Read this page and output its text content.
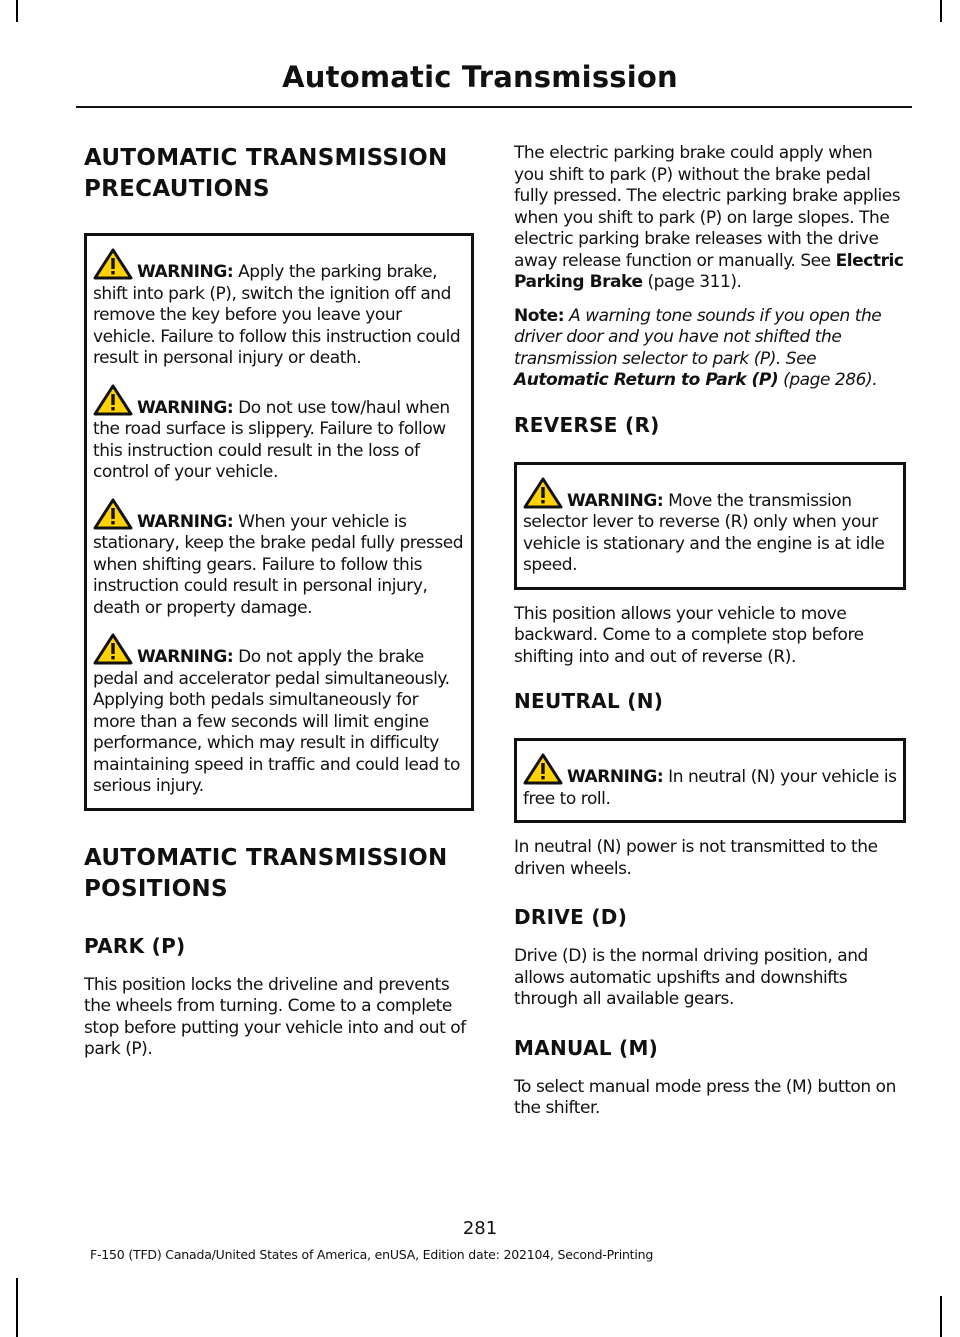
Automatic Transmission
AUTOMATIC TRANSMISSION PRECAUTIONS
WARNING: Apply the parking brake, shift into park (P), switch the ignition off and remove the key before you leave your vehicle. Failure to follow this instruction could result in personal injury or death.
WARNING: Do not use tow/haul when the road surface is slippery. Failure to follow this instruction could result in the loss of control of your vehicle.
WARNING: When your vehicle is stationary, keep the brake pedal fully pressed when shifting gears. Failure to follow this instruction could result in personal injury, death or property damage.
WARNING: Do not apply the brake pedal and accelerator pedal simultaneously. Applying both pedals simultaneously for more than a few seconds will limit engine performance, which may result in difficulty maintaining speed in traffic and could lead to serious injury.
AUTOMATIC TRANSMISSION POSITIONS
PARK (P)

This position locks the driveline and prevents the wheels from turning. Come to a complete stop before putting your vehicle into and out of park (P).

The electric parking brake could apply when you shift to park (P) without the brake pedal fully pressed. The electric parking brake applies when you shift to park (P) on large slopes. The electric parking brake releases with the drive away release function or manually. See Electric Parking Brake (page 311).

Note: A warning tone sounds if you open the driver door and you have not shifted the transmission selector to park (P). See Automatic Return to Park (P) (page 286).

REVERSE (R)
WARNING: Move the transmission selector lever to reverse (R) only when your vehicle is stationary and the engine is at idle speed.

This position allows your vehicle to move backward. Come to a complete stop before shifting into and out of reverse (R).

NEUTRAL (N)
WARNING: In neutral (N) your vehicle is free to roll.

In neutral (N) power is not transmitted to the driven wheels.

DRIVE (D)

Drive (D) is the normal driving position, and allows automatic upshifts and downshifts through all available gears.

MANUAL (M)

To select manual mode press the (M) button on the shifter.

281
F-150 (TFD) Canada/United States of America, enUSA, Edition date: 202104, Second-Printing
